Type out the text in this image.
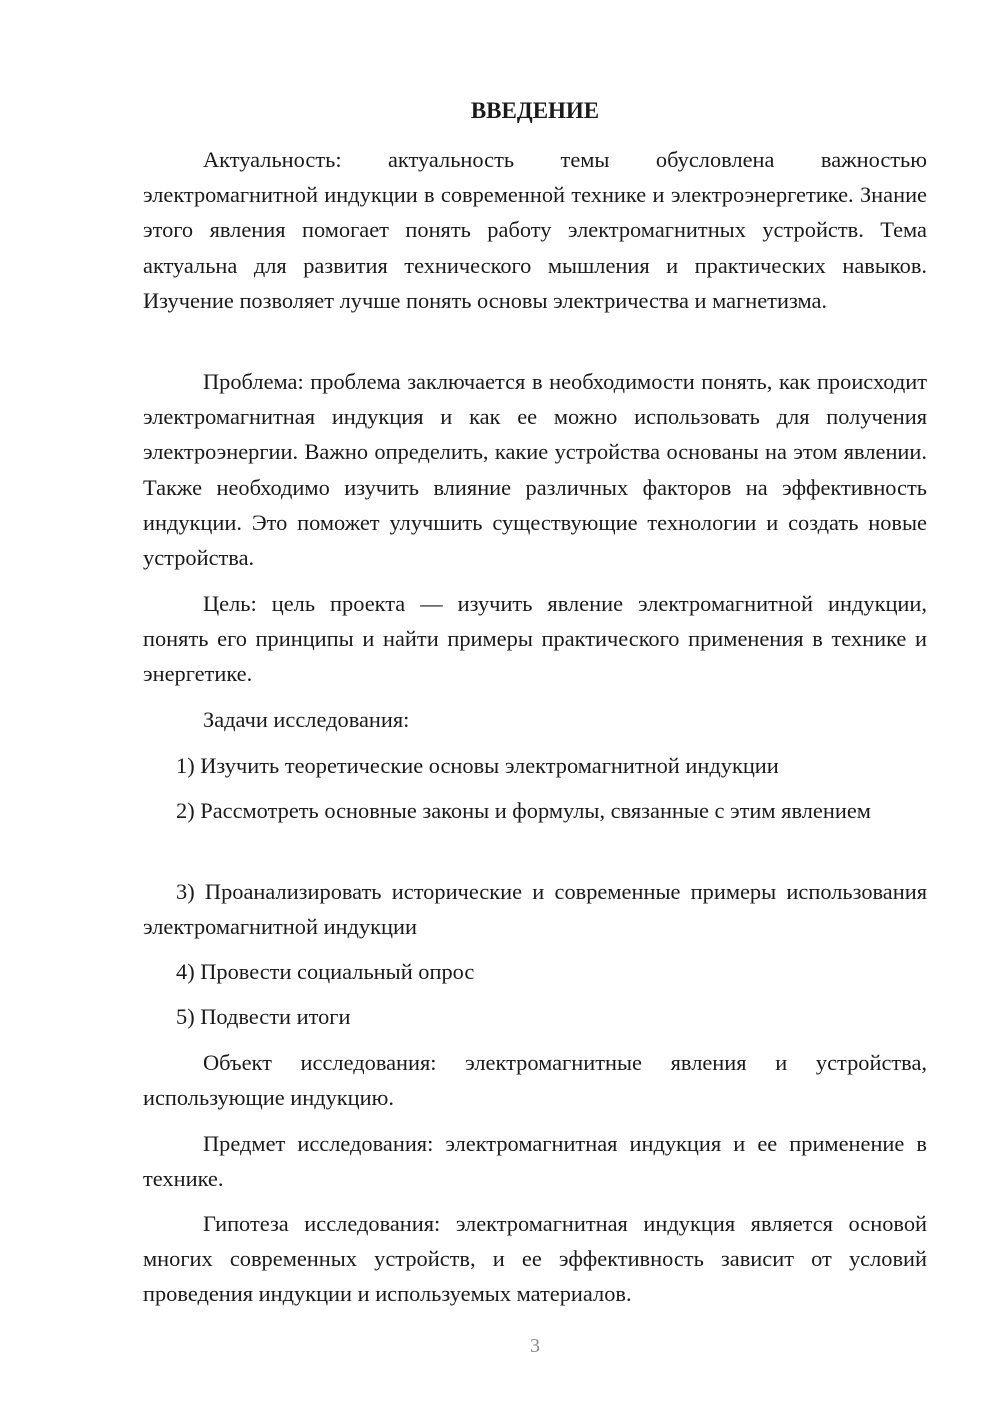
ВВЕДЕНИЕ

Актуальность: актуальность темы обусловлена важностью электромагнитной индукции в современной технике и электроэнергетике. Знание этого явления помогает понять работу электромагнитных устройств. Тема актуальна для развития технического мышления и практических навыков. Изучение позволяет лучше понять основы электричества и магнетизма.

Проблема: проблема заключается в необходимости понять, как происходит электромагнитная индукция и как ее можно использовать для получения электроэнергии. Важно определить, какие устройства основаны на этом явлении. Также необходимо изучить влияние различных факторов на эффективность индукции. Это поможет улучшить существующие технологии и создать новые устройства.

Цель: цель проекта — изучить явление электромагнитной индукции, понять его принципы и найти примеры практического применения в технике и энергетике.

Задачи исследования:

1) Изучить теоретические основы электромагнитной индукции

2) Рассмотреть основные законы и формулы, связанные с этим явлением

3) Проанализировать исторические и современные примеры использования электромагнитной индукции

4) Провести социальный опрос

5) Подвести итоги

Объект исследования: электромагнитные явления и устройства, использующие индукцию.

Предмет исследования: электромагнитная индукция и ее применение в технике.

Гипотеза исследования: электромагнитная индукция является основой многих современных устройств, и ее эффективность зависит от условий проведения индукции и используемых материалов.

3
